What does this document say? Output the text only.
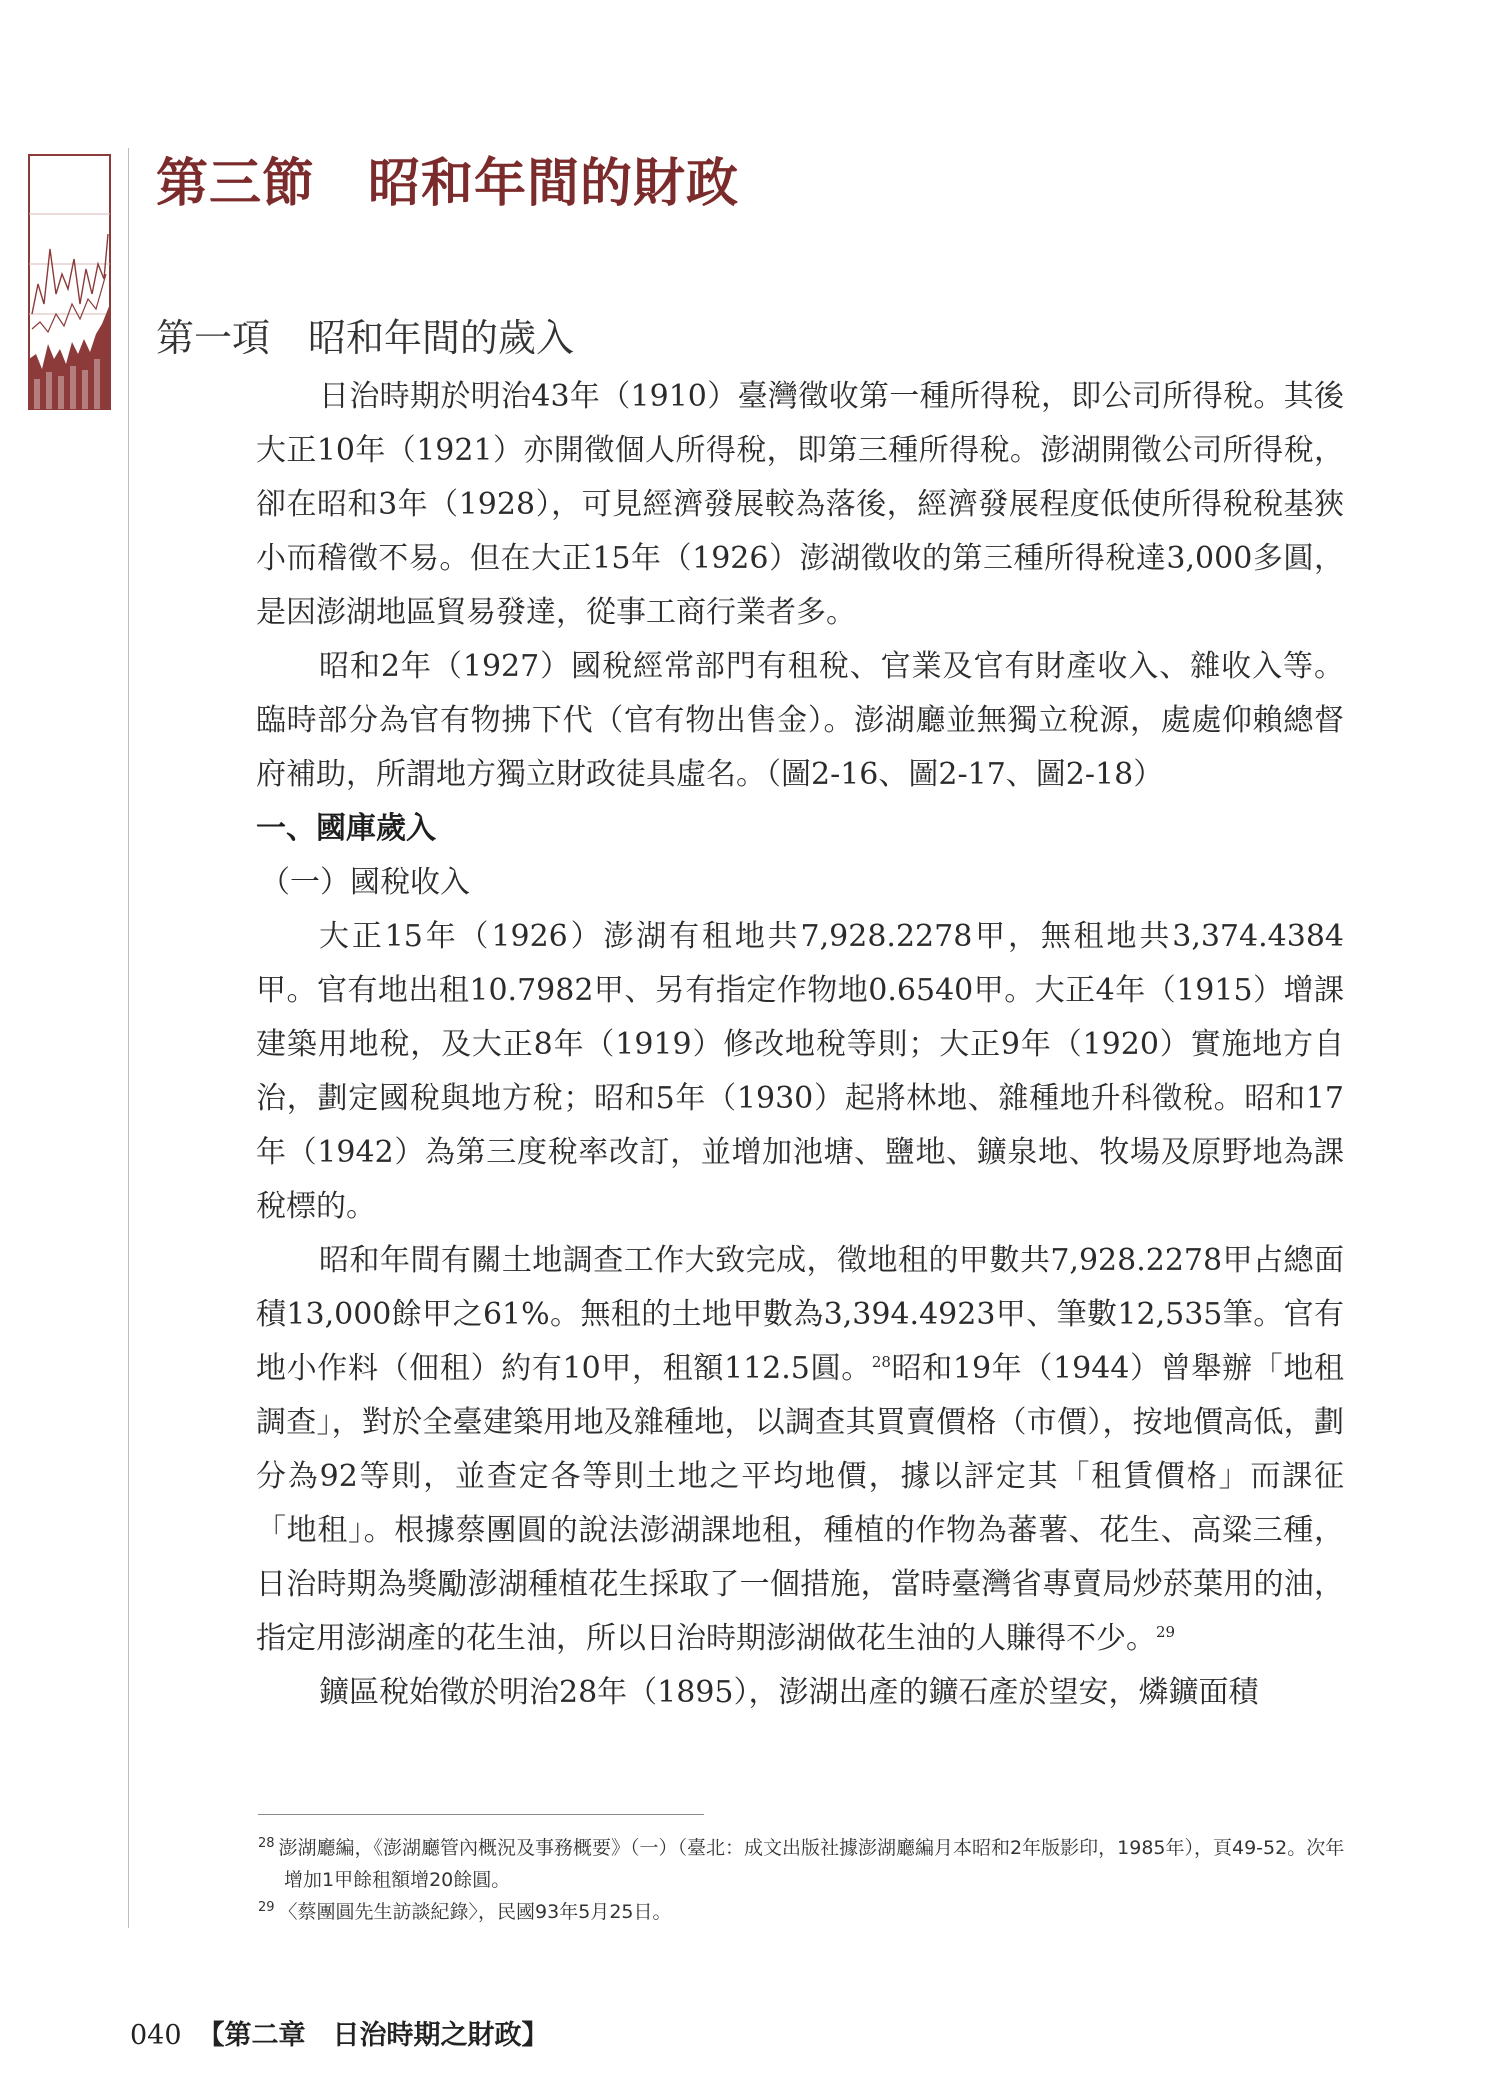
第三節　昭和年間的財政
第一項　昭和年間的歲入

日治時期於明治43年（1910）臺灣徵收第一種所得稅，即公司所得稅。其後大正10年（1921）亦開徵個人所得稅，即第三種所得稅。澎湖開徵公司所得稅，卻在昭和3年（1928），可見經濟發展較為落後，經濟發展程度低使所得稅稅基狹小而稽徵不易。但在大正15年（1926）澎湖徵收的第三種所得稅達3,000多圓，是因澎湖地區貿易發達，從事工商行業者多。

昭和2年（1927）國稅經常部門有租稅、官業及官有財產收入、雜收入等。臨時部分為官有物拂下代（官有物出售金）。澎湖廳並無獨立稅源，處處仰賴總督府補助，所謂地方獨立財政徒具虛名。（圖2-16、圖2-17、圖2-18）

一、國庫歲入

（一）國稅收入

大正15年（1926）澎湖有租地共7,928.2278甲，無租地共3,374.4384甲。官有地出租10.7982甲、另有指定作物地0.6540甲。大正4年（1915）增課建築用地稅，及大正8年（1919）修改地稅等則；大正9年（1920）實施地方自治，劃定國稅與地方稅；昭和5年（1930）起將林地、雜種地升科徵稅。昭和17年（1942）為第三度稅率改訂，並增加池塘、鹽地、鑛泉地、牧場及原野地為課稅標的。

昭和年間有關土地調查工作大致完成，徵地租的甲數共7,928.2278甲占總面積13,000餘甲之61%。無租的土地甲數為3,394.4923甲、筆數12,535筆。官有地小作料（佃租）約有10甲，租額112.5圓。$^{28}$昭和19年（1944）曾舉辦「地租調查」，對於全臺建築用地及雜種地，以調查其買賣價格（市價），按地價高低，劃分為92等則，並查定各等則土地之平均地價，據以評定其「租賃價格」而課征「地租」。根據蔡團圓的說法澎湖課地租，種植的作物為蕃薯、花生、高粱三種，日治時期為獎勵澎湖種植花生採取了一個措施，當時臺灣省專賣局炒菸葉用的油，指定用澎湖產的花生油，所以日治時期澎湖做花生油的人賺得不少。$^{29}$

鑛區稅始徵於明治28年（1895），澎湖出產的鑛石產於望安，燐鑛面積

$^{28}$ 澎湖廳編，《澎湖廳管內概況及事務概要》（一）（臺北：成文出版社據澎湖廳編月本昭和2年版影印，1985年），頁49-52。次年增加1甲餘租額增20餘圓。

$^{29}$ 〈蔡團圓先生訪談紀錄〉，民國93年5月25日。

040 【第二章　日治時期之財政】
